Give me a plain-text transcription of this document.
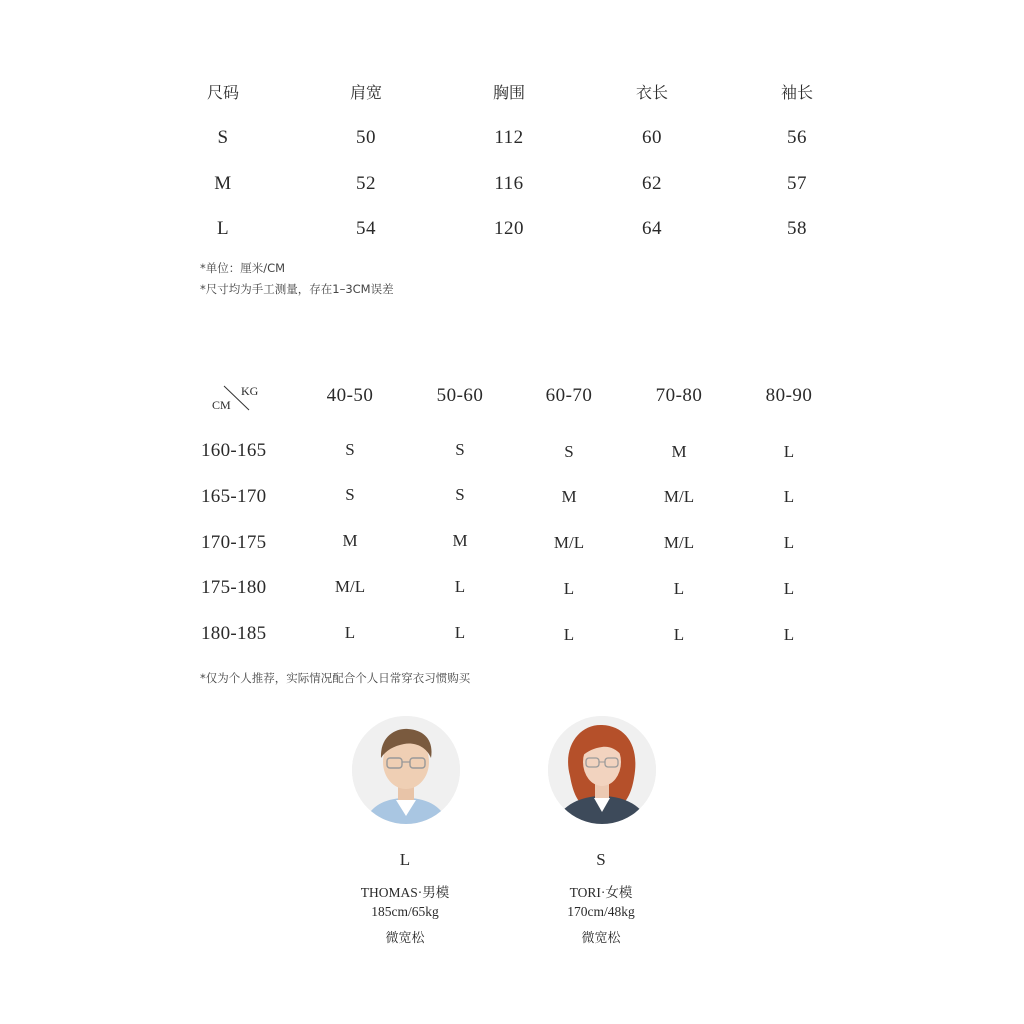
尺码	肩宽	胸围	衣长	袖长
S	50	112	60	56
M	52	116	62	57
L	54	120	64	58
*单位：厘米/CM
*尺寸均为手工测量，存在1–3CM误差
KG
CM	40-50	50-60	60-70	70-80	80-90
160-165	S	S	S	M	L
165-170	S	S	M	M/L	L
170-175	M	M	M/L	M/L	L
175-180	M/L	L	L	L	L
180-185	L	L	L	L	L
*仅为个人推荐，实际情况配合个人日常穿衣习惯购买
L
THOMAS·男模
185cm/65kg
微宽松
S
TORI·女模
170cm/48kg
微宽松
